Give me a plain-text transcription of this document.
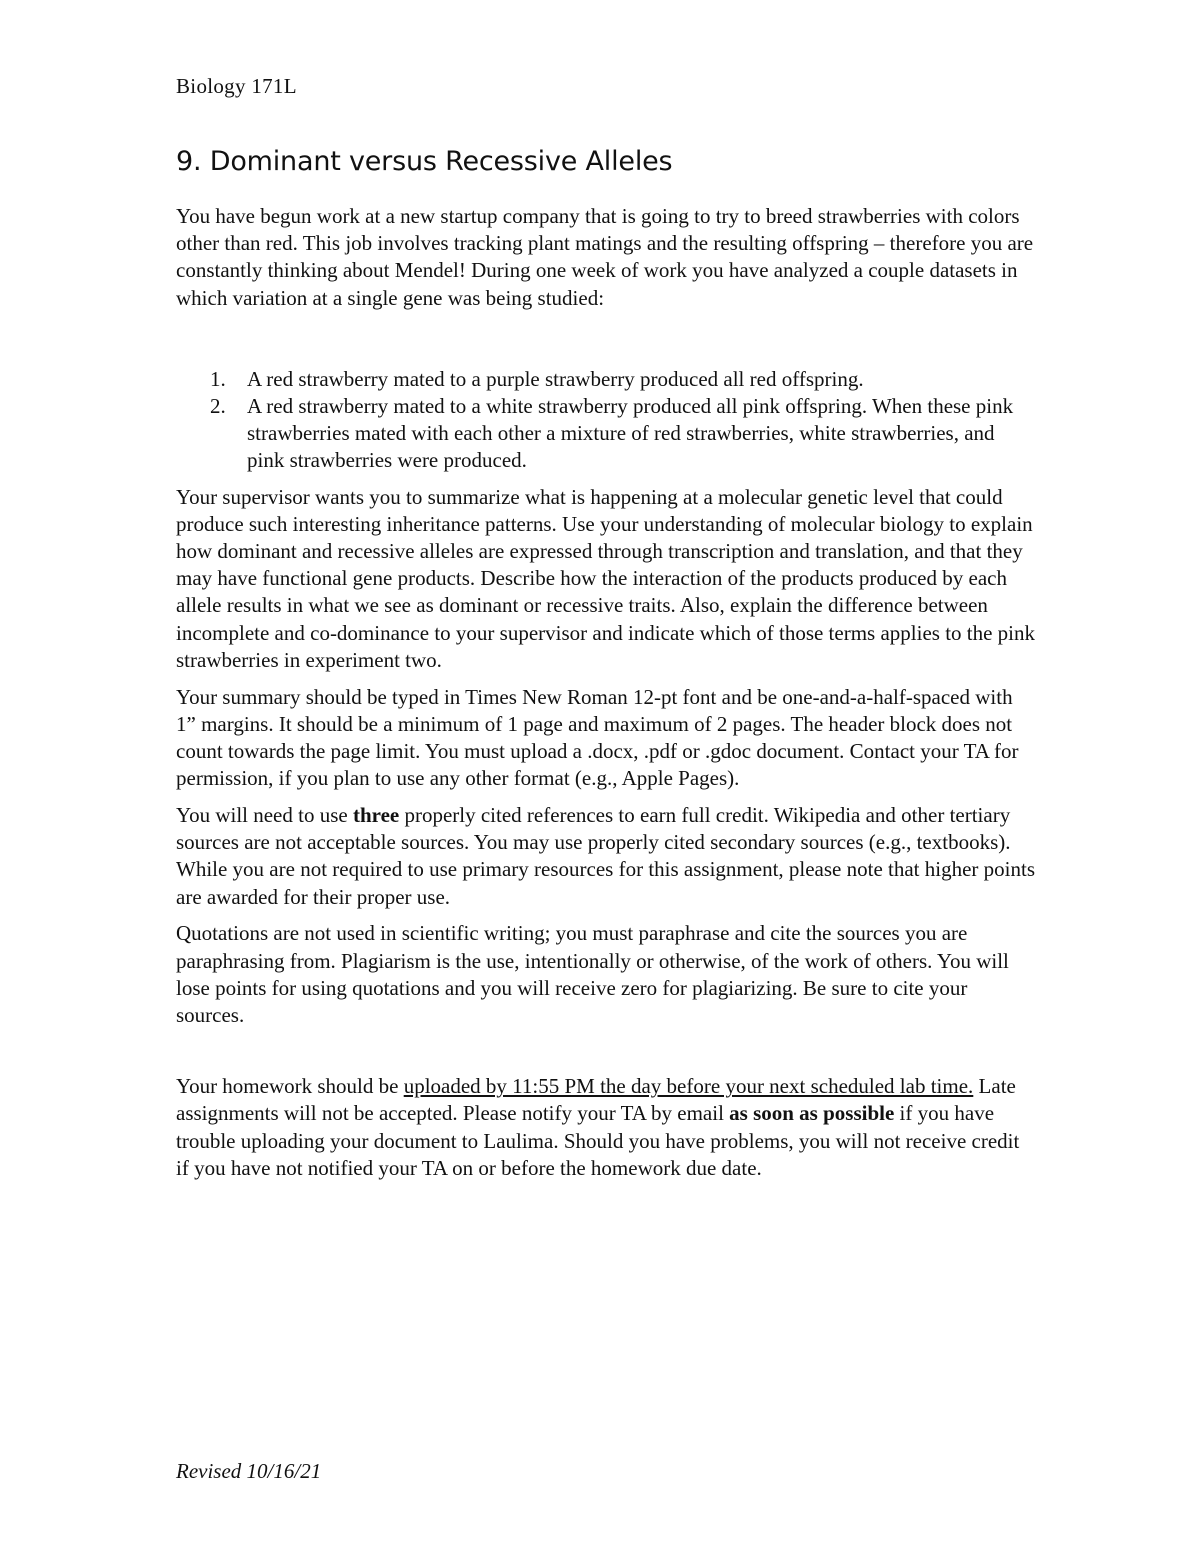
Biology 171L

9. Dominant versus Recessive Alleles

You have begun work at a new startup company that is going to try to breed strawberries with colors other than red. This job involves tracking plant matings and the resulting offspring – therefore you are constantly thinking about Mendel! During one week of work you have analyzed a couple datasets in which variation at a single gene was being studied:

1. A red strawberry mated to a purple strawberry produced all red offspring.
2. A red strawberry mated to a white strawberry produced all pink offspring. When these pink strawberries mated with each other a mixture of red strawberries, white strawberries, and pink strawberries were produced.

Your supervisor wants you to summarize what is happening at a molecular genetic level that could produce such interesting inheritance patterns. Use your understanding of molecular biology to explain how dominant and recessive alleles are expressed through transcription and translation, and that they may have functional gene products. Describe how the interaction of the products produced by each allele results in what we see as dominant or recessive traits. Also, explain the difference between incomplete and co-dominance to your supervisor and indicate which of those terms applies to the pink strawberries in experiment two.

Your summary should be typed in Times New Roman 12-pt font and be one-and-a-half-spaced with 1” margins. It should be a minimum of 1 page and maximum of 2 pages. The header block does not count towards the page limit. You must upload a .docx, .pdf or .gdoc document. Contact your TA for permission, if you plan to use any other format (e.g., Apple Pages).

You will need to use three properly cited references to earn full credit. Wikipedia and other tertiary sources are not acceptable sources. You may use properly cited secondary sources (e.g., textbooks). While you are not required to use primary resources for this assignment, please note that higher points are awarded for their proper use.

Quotations are not used in scientific writing; you must paraphrase and cite the sources you are paraphrasing from. Plagiarism is the use, intentionally or otherwise, of the work of others. You will lose points for using quotations and you will receive zero for plagiarizing. Be sure to cite your sources.

Your homework should be uploaded by 11:55 PM the day before your next scheduled lab time. Late assignments will not be accepted. Please notify your TA by email as soon as possible if you have trouble uploading your document to Laulima. Should you have problems, you will not receive credit if you have not notified your TA on or before the homework due date.

Revised 10/16/21
